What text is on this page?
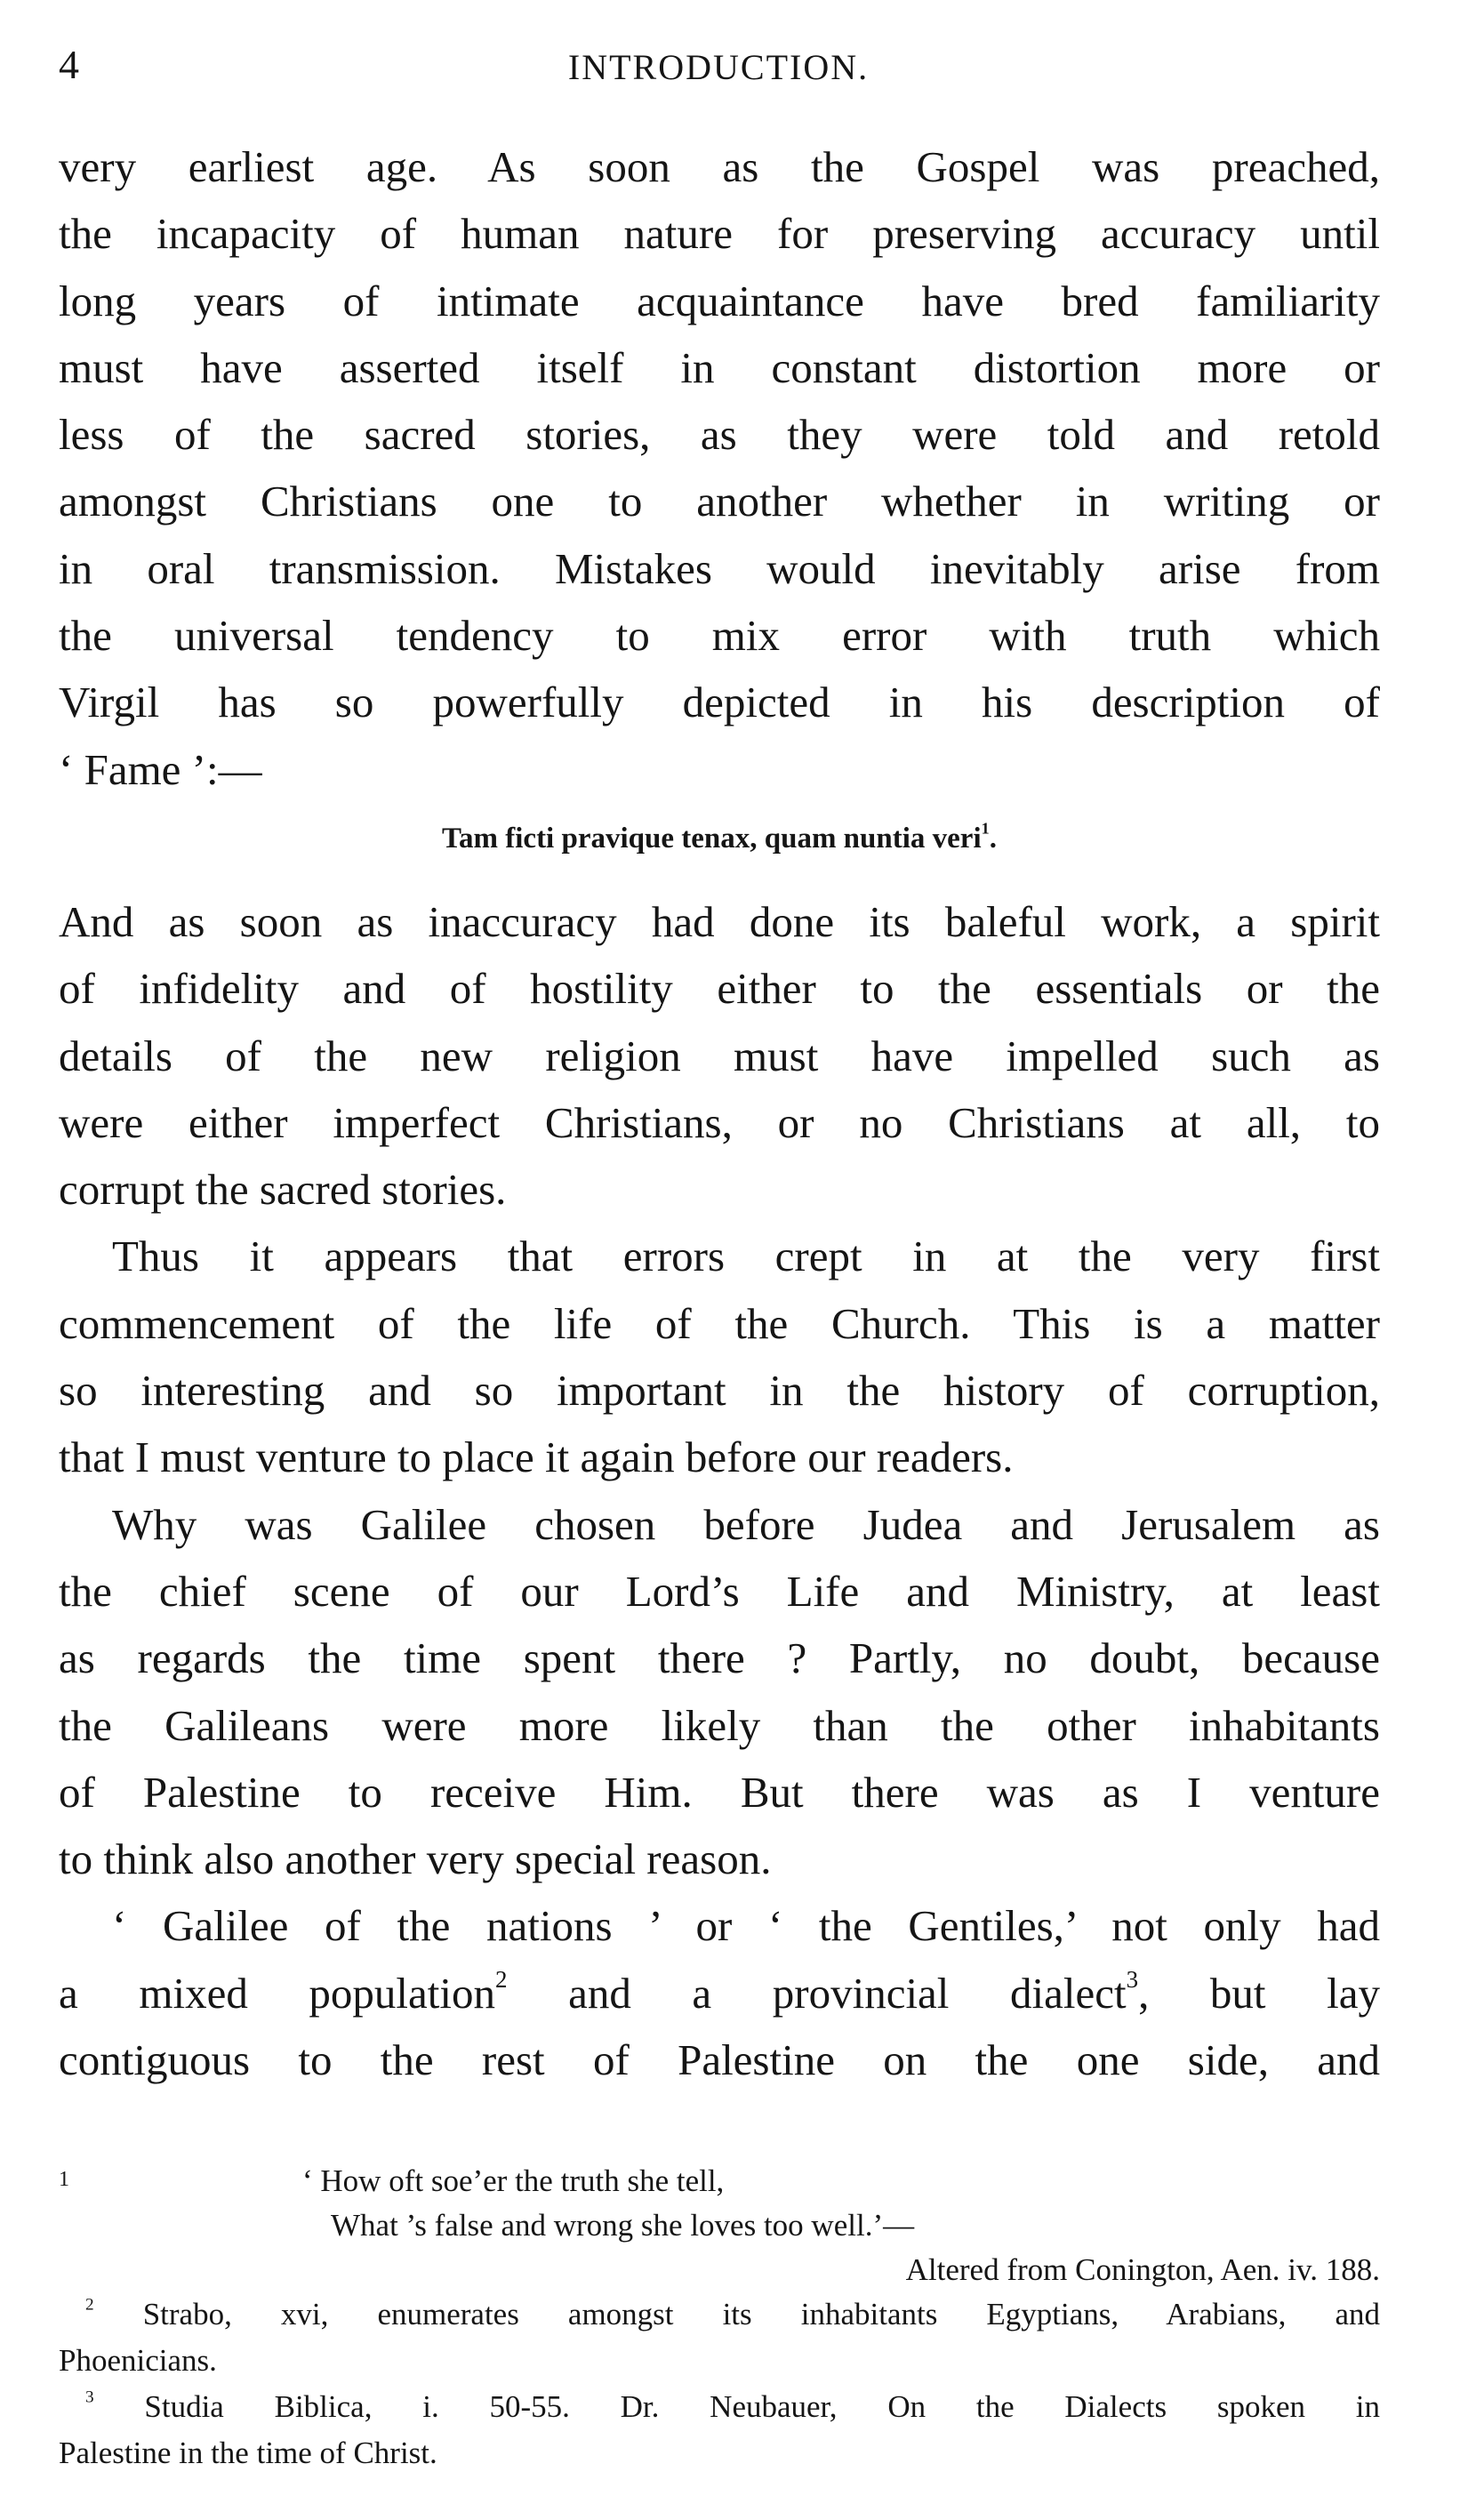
4	INTRODUCTION.
very earliest age. As soon as the Gospel was preached,
the incapacity of human nature for preserving accuracy until
long years of intimate acquaintance have bred familiarity
must have asserted itself in constant distortion more or
less of the sacred stories, as they were told and retold
amongst Christians one to another whether in writing or
in oral transmission. Mistakes would inevitably arise from
the universal tendency to mix error with truth which
Virgil has so powerfully depicted in his description of
‘ Fame ’:—
Tam ficti pravique tenax, quam nuntia veri$^1$.
And as soon as inaccuracy had done its baleful work, a spirit
of infidelity and of hostility either to the essentials or the
details of the new religion must have impelled such as
were either imperfect Christians, or no Christians at all, to
corrupt the sacred stories.
Thus it appears that errors crept in at the very first
commencement of the life of the Church. This is a matter
so interesting and so important in the history of corruption,
that I must venture to place it again before our readers.
Why was Galilee chosen before Judea and Jerusalem as
the chief scene of our Lord’s Life and Ministry, at least
as regards the time spent there ? Partly, no doubt, because
the Galileans were more likely than the other inhabitants
of Palestine to receive Him. But there was as I venture
to think also another very special reason.
‘ Galilee of the nations ’ or ‘ the Gentiles,’ not only had
a mixed population$^2$ and a provincial dialect$^3$, but lay
contiguous to the rest of Palestine on the one side, and
1	‘ How oft soe’er the truth she tell,
What ’s false and wrong she loves too well.’—
Altered from Conington, Aen. iv. 188.
$^2$ Strabo, xvi, enumerates amongst its inhabitants Egyptians, Arabians, and
Phoenicians.
$^3$ Studia Biblica, i. 50-55. Dr. Neubauer, On the Dialects spoken in
Palestine in the time of Christ.
